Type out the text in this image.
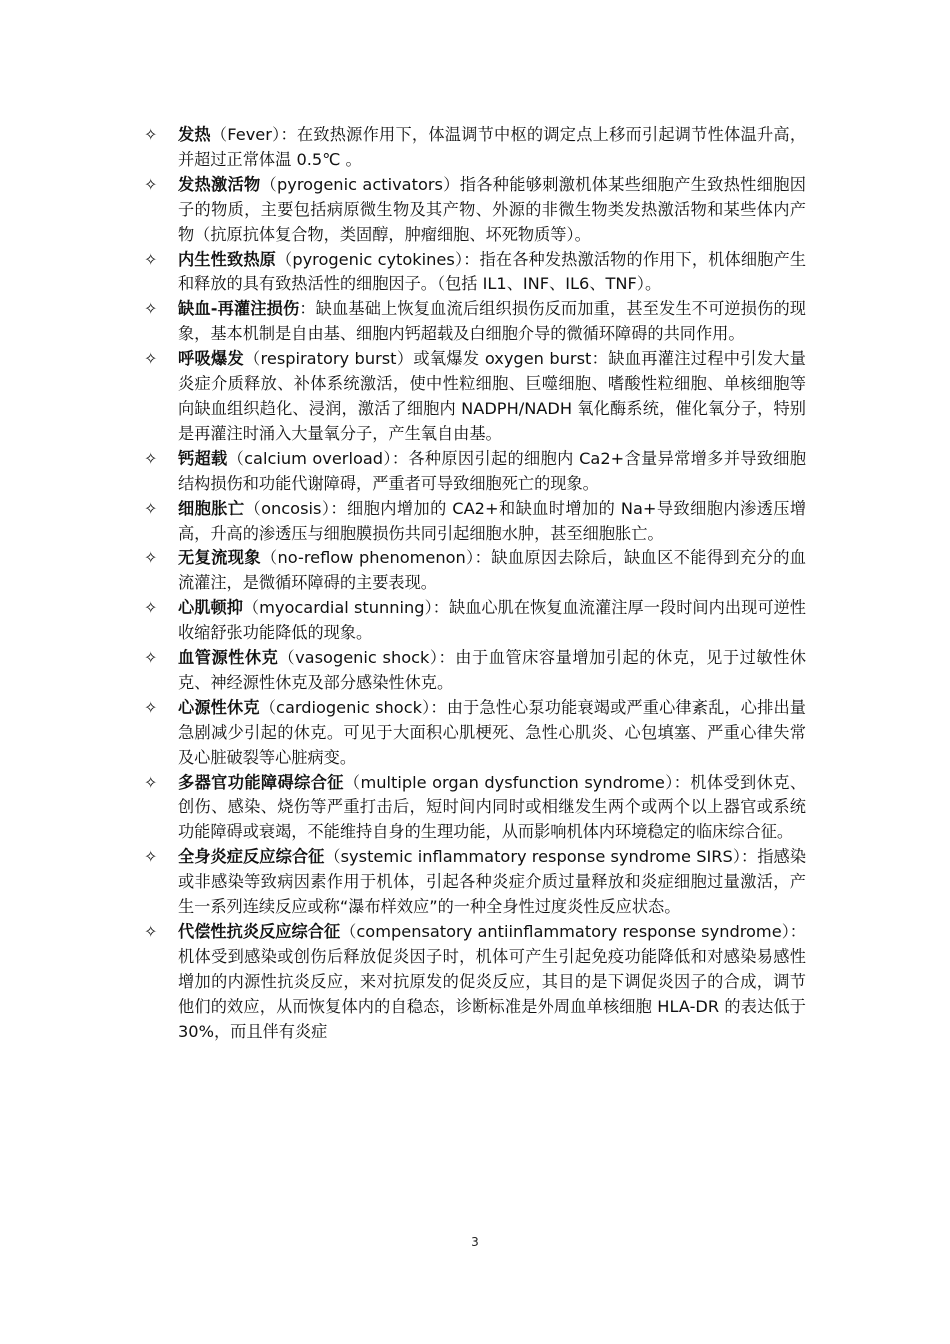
✧	发热（Fever）：在致热源作用下，体温调节中枢的调定点上移而引起调节性体温升高，并超过正常体温 0.5℃ 。
✧	发热激活物（pyrogenic activators）指各种能够刺激机体某些细胞产生致热性细胞因子的物质，主要包括病原微生物及其产物、外源的非微生物类发热激活物和某些体内产物（抗原抗体复合物，类固醇，肿瘤细胞、坏死物质等）。
✧	内生性致热原（pyrogenic cytokines）：指在各种发热激活物的作用下，机体细胞产生和释放的具有致热活性的细胞因子。（包括 IL1、INF、IL6、TNF）。
✧	缺血-再灌注损伤：缺血基础上恢复血流后组织损伤反而加重，甚至发生不可逆损伤的现象，基本机制是自由基、细胞内钙超载及白细胞介导的微循环障碍的共同作用。
✧	呼吸爆发（respiratory burst）或氧爆发 oxygen burst：缺血再灌注过程中引发大量炎症介质释放、补体系统激活，使中性粒细胞、巨噬细胞、嗜酸性粒细胞、单核细胞等向缺血组织趋化、浸润，激活了细胞内 NADPH/NADH 氧化酶系统，催化氧分子，特别是再灌注时涌入大量氧分子，产生氧自由基。
✧	钙超载（calcium overload）：各种原因引起的细胞内 Ca2+含量异常增多并导致细胞结构损伤和功能代谢障碍，严重者可导致细胞死亡的现象。
✧	细胞胀亡（oncosis）：细胞内增加的 CA2+和缺血时增加的 Na+导致细胞内渗透压增高，升高的渗透压与细胞膜损伤共同引起细胞水肿，甚至细胞胀亡。
✧	无复流现象（no-reflow phenomenon）：缺血原因去除后，缺血区不能得到充分的血流灌注，是微循环障碍的主要表现。
✧	心肌顿抑（myocardial stunning）：缺血心肌在恢复血流灌注厚一段时间内出现可逆性收缩舒张功能降低的现象。
✧	血管源性休克（vasogenic shock）：由于血管床容量增加引起的休克，见于过敏性休克、神经源性休克及部分感染性休克。
✧	心源性休克（cardiogenic shock）：由于急性心泵功能衰竭或严重心律紊乱，心排出量急剧减少引起的休克。可见于大面积心肌梗死、急性心肌炎、心包填塞、严重心律失常及心脏破裂等心脏病变。
✧	多器官功能障碍综合征（multiple organ dysfunction syndrome）：机体受到休克、创伤、感染、烧伤等严重打击后，短时间内同时或相继发生两个或两个以上器官或系统功能障碍或衰竭，不能维持自身的生理功能，从而影响机体内环境稳定的临床综合征。
✧	全身炎症反应综合征（systemic inflammatory response syndrome SIRS）：指感染或非感染等致病因素作用于机体，引起各种炎症介质过量释放和炎症细胞过量激活，产生一系列连续反应或称“瀑布样效应”的一种全身性过度炎性反应状态。
✧	代偿性抗炎反应综合征（compensatory antiinflammatory response syndrome）：机体受到感染或创伤后释放促炎因子时，机体可产生引起免疫功能降低和对感染易感性增加的内源性抗炎反应，来对抗原发的促炎反应，其目的是下调促炎因子的合成，调节他们的效应，从而恢复体内的自稳态，诊断标准是外周血单核细胞 HLA-DR 的表达低于 30%，而且伴有炎症
3
